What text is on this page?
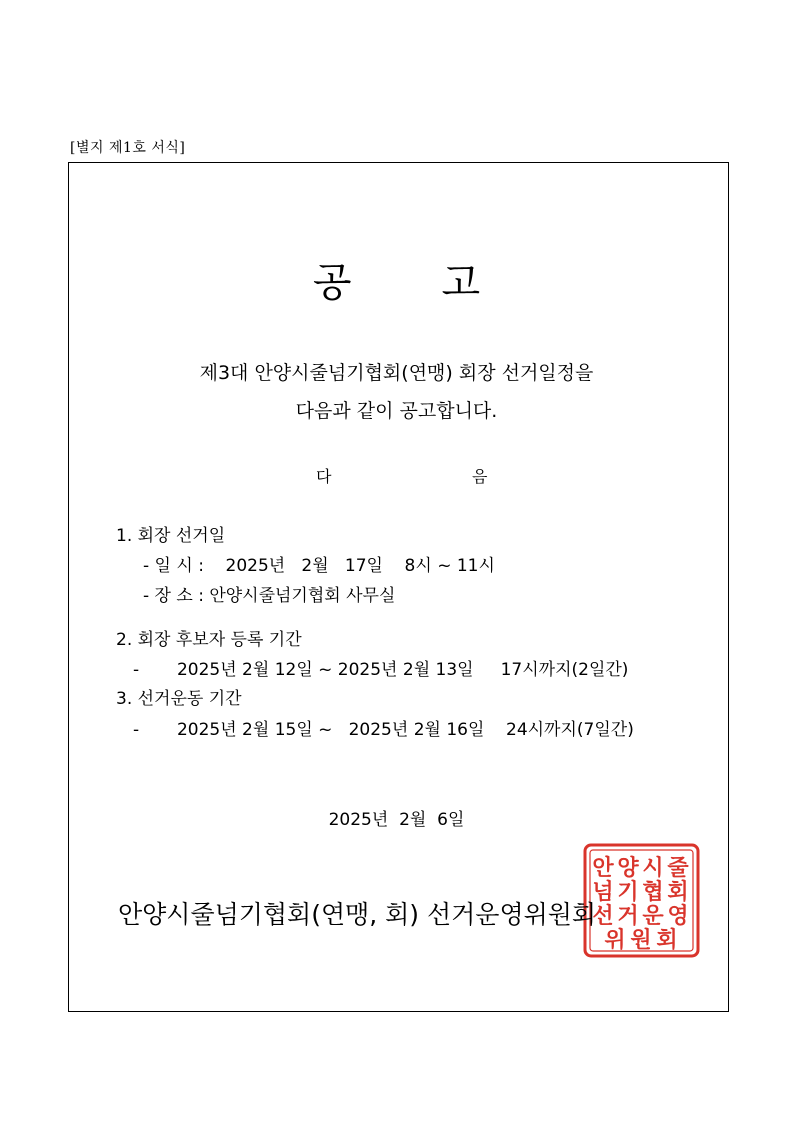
[별지 제1호 서식]
공고
제3대 안양시줄넘기협회(연맹) 회장 선거일정을
다음과 같이 공고합니다.
다	음
1. 회장 선거일
- 일 시 :    2025년   2월   17일    8시 ~ 11시
- 장 소 : 안양시줄넘기협회 사무실
2. 회장 후보자 등록 기간
-       2025년 2월 12일 ~ 2025년 2월 13일     17시까지(2일간)
3. 선거운동 기간
-       2025년 2월 15일 ~   2025년 2월 16일    24시까지(7일간)
2025년  2월  6일
안 양 시 줄
넘 기 협 회
선 거 운 영
위 원 회
안양시줄넘기협회(연맹, 회) 선거운영위원회
